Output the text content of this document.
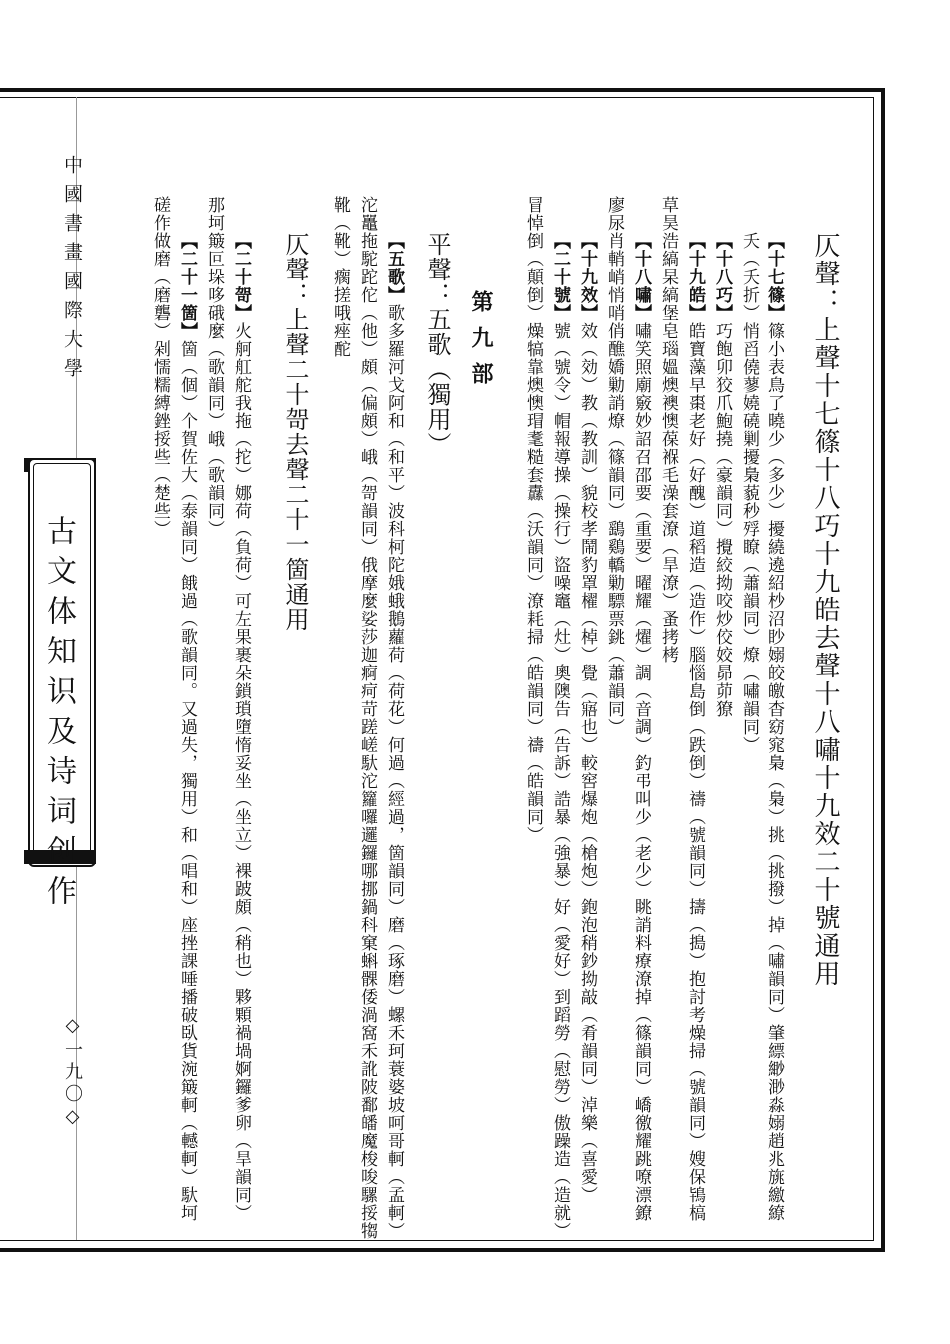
中國書畫國際大學
古文体知识及诗词创作
◇一九〇◇
仄聲：上聲十七篠十八巧十九皓去聲十八嘯十九效二十號通用
【十七篠】篠小表鳥了曉少（多少）擾繞遶紹杪沼眇嫋皎皦杳窈窕梟（梟）挑（挑撥）掉（嘯韻同）肇縹緲渺淼嫋趙兆旐繳繚
夭（夭折）悄舀僥蓼嬈磽剿擾梟藐秒殍瞭（蕭韻同）燎（嘯韻同）
【十八巧】巧飽卯狡爪鮑撓（豪韻同）攪絞拗咬炒佼姣昴茆獠
【十九皓】皓寶藻早棗老好（好醜）道稻造（造作）腦惱島倒（跌倒）禱（號韻同）擣（搗）抱討考燥掃（號韻同）嫂保鴇槁
草昊浩縞杲縞堡皂瑙媼燠襖懊葆褓毛澡套潦（旱潦）蚤拷栲
【十八嘯】嘯笑照廟竅妙詔召邵要（重要）曜耀（燿）調（音調）釣弔叫少（老少）眺誚料療潦掉（篠韻同）嶠徼耀跳嘹漂鐐
廖尿肖輎峭悄哨俏醮嬌勦誚燎（篠韻同）鷂鷄轎勦驃票銚（蕭韻同）
【十九效】效（効）教（教訓）貌校孝鬧豹罩櫂（棹）覺（寤也）較窖爆炮（槍炮）鉋泡稍鈔拗敲（肴韻同）淖樂（喜愛）
【二十號】號（號令）帽報導操（操行）盜噪竈（灶）奧隩告（告訴）誥暴（強暴）好（愛好）到蹈勞（慰勞）傲躁造（造就）
冒悼倒（顛倒）燥犒靠燠懊瑁耄糙套纛（沃韻同）潦耗掃（皓韻同）禱（皓韻同）
第九部
平聲：五歌（獨用）
【五歌】歌多羅河戈阿和（和平）波科柯陀娥蛾鵝蘿荷（荷花）何過（經過，箇韻同）磨（琢磨）螺禾珂蓑婆坡呵哥軻（孟軻）
沱鼉拖駝跎佗（他）頗（偏頗）峨（哿韻同）俄摩麼娑莎迦痾疴苛蹉嵯馱沱籮囉邏鑼哪挪鍋科窠蝌髁倭渦窩禾訛陂鄱皤魔梭唆騾挼犓
靴（靴）瘸搓哦痤酡
仄聲：上聲二十哿去聲二十一箇通用
【二十哿】火舸舡舵我拖（拕）娜荷（負荷）可左果裹朵鎖瑣墮惰妥坐（坐立）裸跛頗（稍也）夥顆禍堝婀鑼爹卵（旱韻同）
那坷簸叵垛哆硪麼（歌韻同）峨（歌韻同）
【二十一箇】箇（個）个賀佐大（泰韻同）餓過（歌韻同。又過失，獨用）和（唱和）座挫課唾播破臥貨涴簸軻（轗軻）馱坷
磋作做磨（磨礱）剁懦糯縛銼挼些（楚些）
